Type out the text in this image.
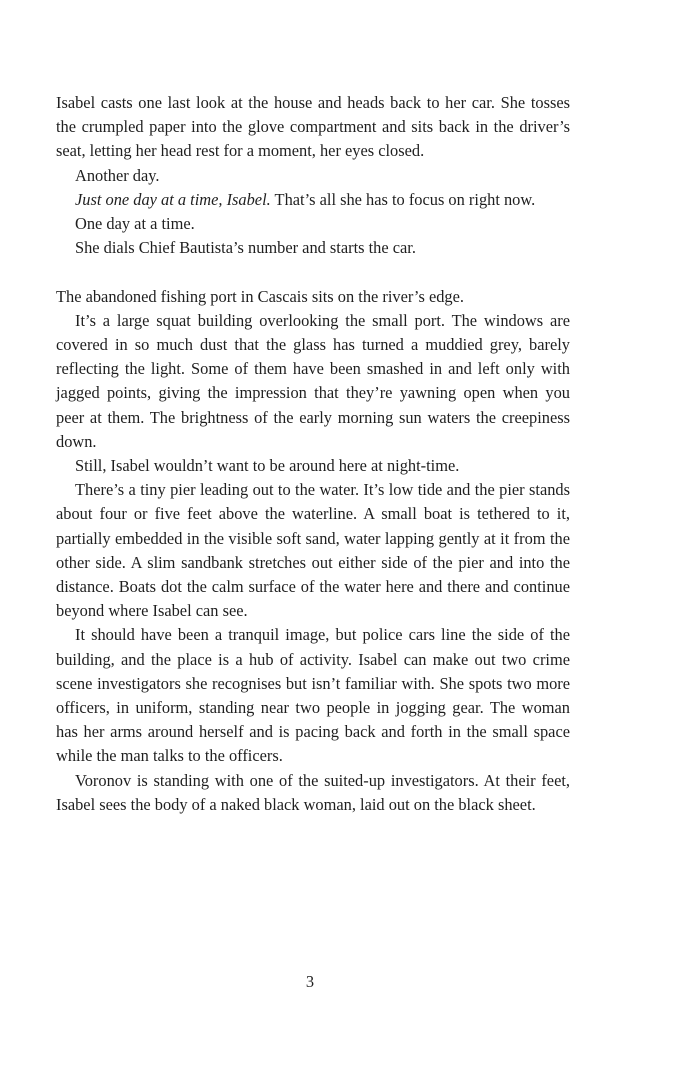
Isabel casts one last look at the house and heads back to her car. She tosses the crumpled paper into the glove compartment and sits back in the driver’s seat, letting her head rest for a moment, her eyes closed.

Another day.

Just one day at a time, Isabel. That’s all she has to focus on right now.

One day at a time.

She dials Chief Bautista’s number and starts the car.

The abandoned fishing port in Cascais sits on the river’s edge.

It’s a large squat building overlooking the small port. The windows are covered in so much dust that the glass has turned a muddied grey, barely reflecting the light. Some of them have been smashed in and left only with jagged points, giving the impression that they’re yawning open when you peer at them. The brightness of the early morning sun waters the creepiness down.

Still, Isabel wouldn’t want to be around here at night-time.

There’s a tiny pier leading out to the water. It’s low tide and the pier stands about four or five feet above the waterline. A small boat is tethered to it, partially embedded in the visible soft sand, water lapping gently at it from the other side. A slim sandbank stretches out either side of the pier and into the distance. Boats dot the calm surface of the water here and there and continue beyond where Isabel can see.

It should have been a tranquil image, but police cars line the side of the building, and the place is a hub of activity. Isabel can make out two crime scene investigators she recognises but isn’t familiar with. She spots two more officers, in uniform, standing near two people in jogging gear. The woman has her arms around herself and is pacing back and forth in the small space while the man talks to the officers.

Voronov is standing with one of the suited-up investigators. At their feet, Isabel sees the body of a naked black woman, laid out on the black sheet.

3
